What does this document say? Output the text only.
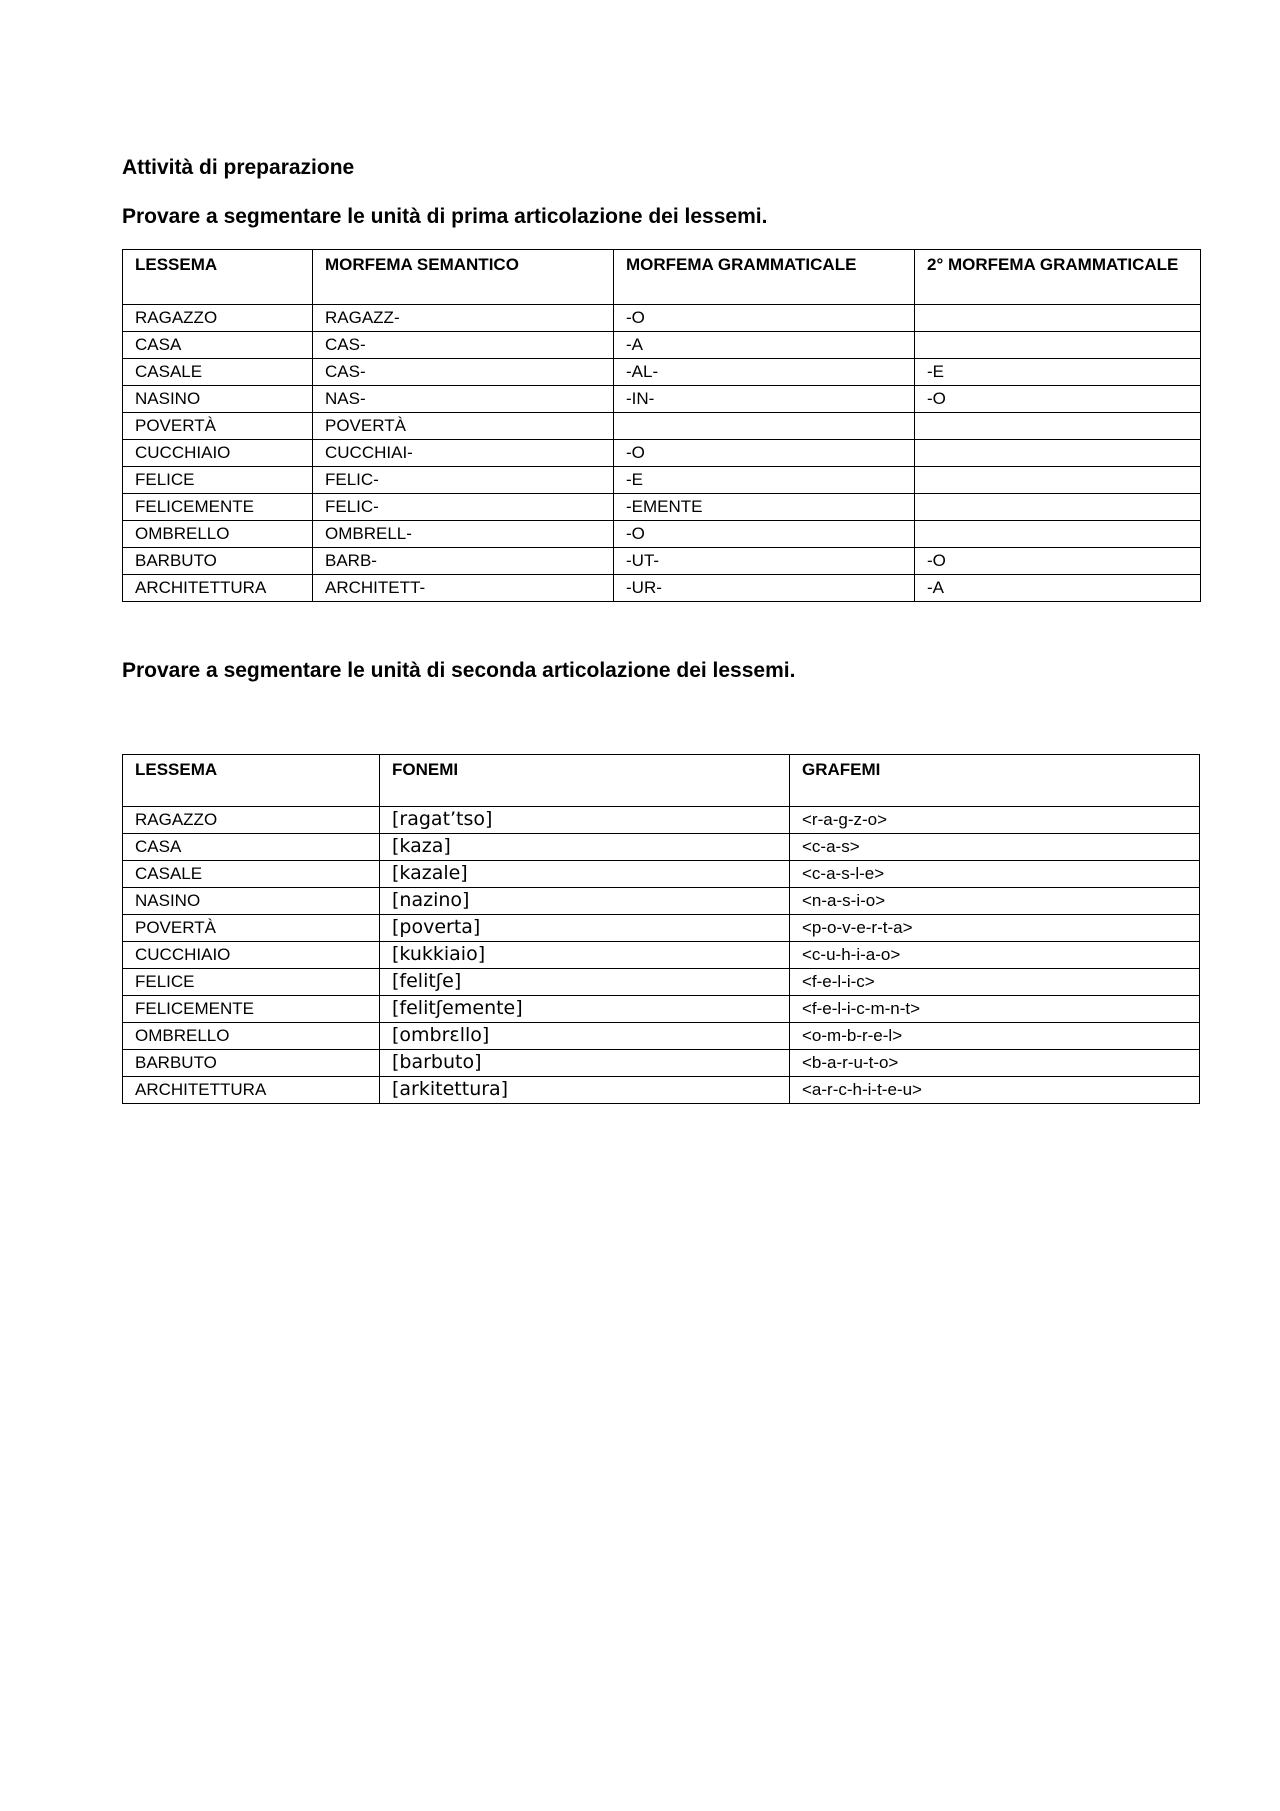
Attività di preparazione
Provare a segmentare le unità di prima articolazione dei lessemi.
LESSEMA	MORFEMA SEMANTICO	MORFEMA GRAMMATICALE	2° MORFEMA GRAMMATICALE
RAGAZZO	RAGAZZ-	-O	
CASA	CAS-	-A	
CASALE	CAS-	-AL-	-E
NASINO	NAS-	-IN-	-O
POVERTÀ	POVERTÀ		
CUCCHIAIO	CUCCHIAI-	-O	
FELICE	FELIC-	-E	
FELICEMENTE	FELIC-	-EMENTE	
OMBRELLO	OMBRELL-	-O	
BARBUTO	BARB-	-UT-	-O
ARCHITETTURA	ARCHITETT-	-UR-	-A
Provare a segmentare le unità di seconda articolazione dei lessemi.
LESSEMA	FONEMI	GRAFEMI
RAGAZZO	[ragat’tso]	<r-a-g-z-o>
CASA	[kaza]	<c-a-s>
CASALE	[kazale]	<c-a-s-l-e>
NASINO	[nazino]	<n-a-s-i-o>
POVERTÀ	[poverta]	<p-o-v-e-r-t-a>
CUCCHIAIO	[kukkiaio]	<c-u-h-i-a-o>
FELICE	[felitʃe]	<f-e-l-i-c>
FELICEMENTE	[felitʃemente]	<f-e-l-i-c-m-n-t>
OMBRELLO	[ombrɛllo]	<o-m-b-r-e-l>
BARBUTO	[barbuto]	<b-a-r-u-t-o>
ARCHITETTURA	[arkitettura]	<a-r-c-h-i-t-e-u>
